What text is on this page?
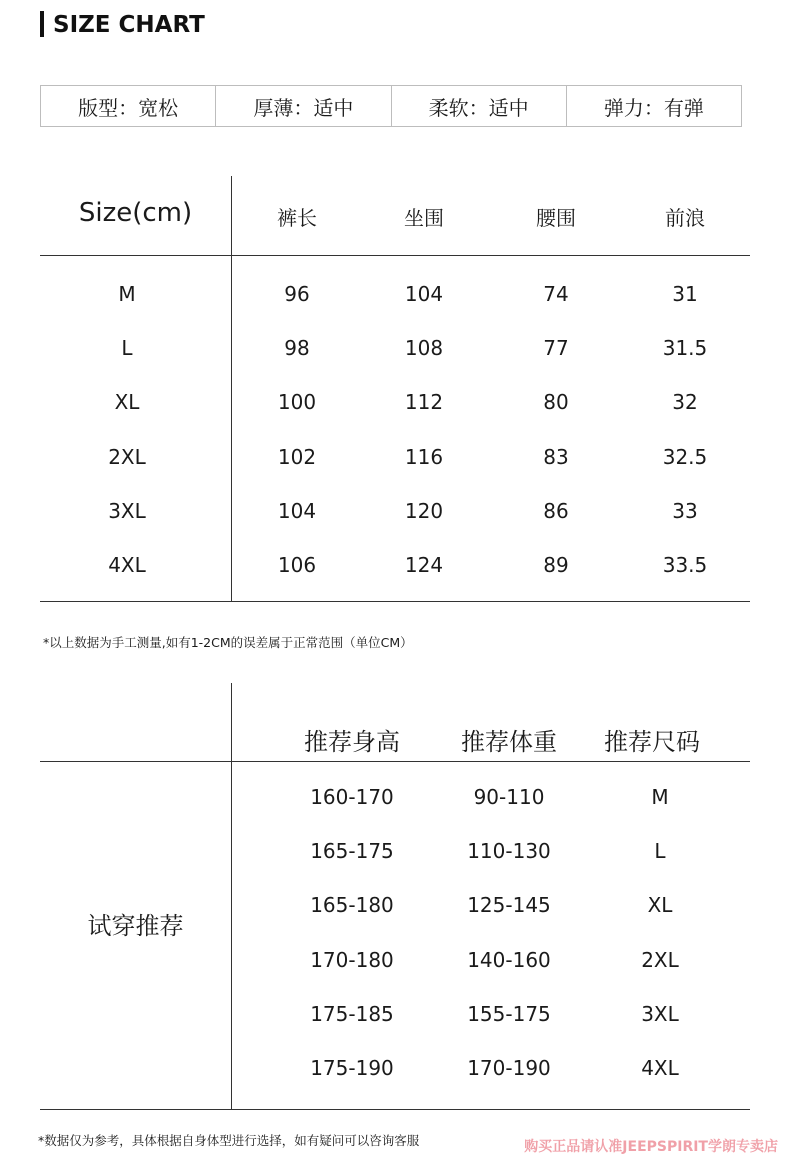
SIZE CHART
版型：宽松	厚薄：适中	柔软：适中	弹力：有弹
Size(cm)	裤长	坐围	腰围	前浪
M	96	104	74	31
L	98	108	77	31.5
XL	100	112	80	32
2XL	102	116	83	32.5
3XL	104	120	86	33
4XL	106	124	89	33.5
*以上数据为手工测量,如有1-2CM的误差属于正常范围（单位CM）
推荐身高	推荐体重	推荐尺码
试穿推荐
160-170	90-110	M
165-175	110-130	L
165-180	125-145	XL
170-180	140-160	2XL
175-185	155-175	3XL
175-190	170-190	4XL
*数据仅为参考，具体根据自身体型进行选择，如有疑问可以咨询客服	购买正品请认准JEEPSPIRIT学朗专卖店
